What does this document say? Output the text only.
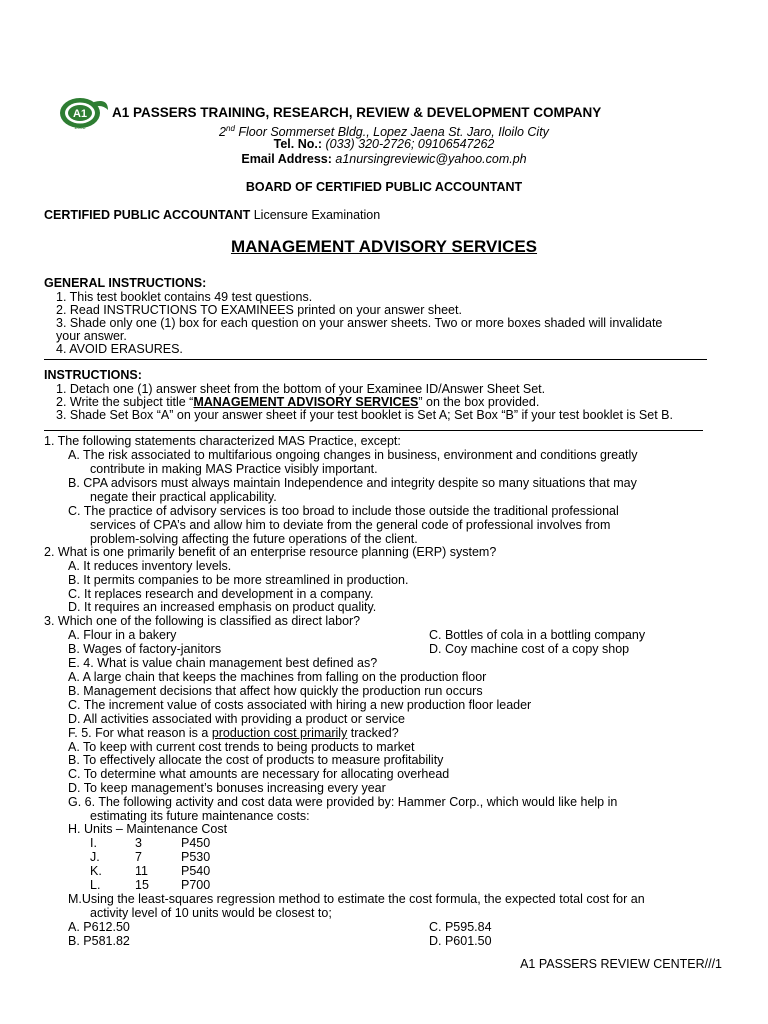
A1
2003
A1 PASSERS TRAINING, RESEARCH, REVIEW & DEVELOPMENT COMPANY
2nd Floor Sommerset Bldg., Lopez Jaena St. Jaro, Iloilo City
Tel. No.: (033) 320-2726; 09106547262
Email Address: a1nursingreviewic@yahoo.com.ph
BOARD OF CERTIFIED PUBLIC ACCOUNTANT
CERTIFIED PUBLIC ACCOUNTANT Licensure Examination
MANAGEMENT ADVISORY SERVICES
GENERAL INSTRUCTIONS:
1. This test booklet contains 49 test questions.
2. Read INSTRUCTIONS TO EXAMINEES printed on your answer sheet.
3. Shade only one (1) box for each question on your answer sheets. Two or more boxes shaded will invalidate
your answer.
4. AVOID ERASURES.
INSTRUCTIONS:
1. Detach one (1) answer sheet from the bottom of your Examinee ID/Answer Sheet Set.
2. Write the subject title “MANAGEMENT ADVISORY SERVICES” on the box provided.
3. Shade Set Box “A” on your answer sheet if your test booklet is Set A; Set Box “B” if your test booklet is Set B.
1. The following statements characterized MAS Practice, except:
A. The risk associated to multifarious ongoing changes in business, environment and conditions greatly
contribute in making MAS Practice visibly important.
B. CPA advisors must always maintain Independence and integrity despite so many situations that may
negate their practical applicability.
C. The practice of advisory services is too broad to include those outside the traditional professional
services of CPA’s and allow him to deviate from the general code of professional involves from
problem-solving affecting the future operations of the client.
2. What is one primarily benefit of an enterprise resource planning (ERP) system?
A. It reduces inventory levels.
B. It permits companies to be more streamlined in production.
C. It replaces research and development in a company.
D. It requires an increased emphasis on product quality.
3. Which one of the following is classified as direct labor?
A. Flour in a bakery	C. Bottles of cola in a bottling company
B. Wages of factory-janitors	D. Coy machine cost of a copy shop
E. 4. What is value chain management best defined as?
A. A large chain that keeps the machines from falling on the production floor
B. Management decisions that affect how quickly the production run occurs
C. The increment value of costs associated with hiring a new production floor leader
D. All activities associated with providing a product or service
F. 5. For what reason is a production cost primarily tracked?
A. To keep with current cost trends to being products to market
B. To effectively allocate the cost of products to measure profitability
C. To determine what amounts are necessary for allocating overhead
D. To keep management’s bonuses increasing every year
G. 6. The following activity and cost data were provided by: Hammer Corp., which would like help in
estimating its future maintenance costs:
H. Units – Maintenance Cost
I.	3	P450
J.	7	P530
K.	11	P540
L.	15	P700
M.Using the least-squares regression method to estimate the cost formula, the expected total cost for an
activity level of 10 units would be closest to;
A. P612.50	C. P595.84
B. P581.82	D. P601.50
A1 PASSERS REVIEW CENTER///1
